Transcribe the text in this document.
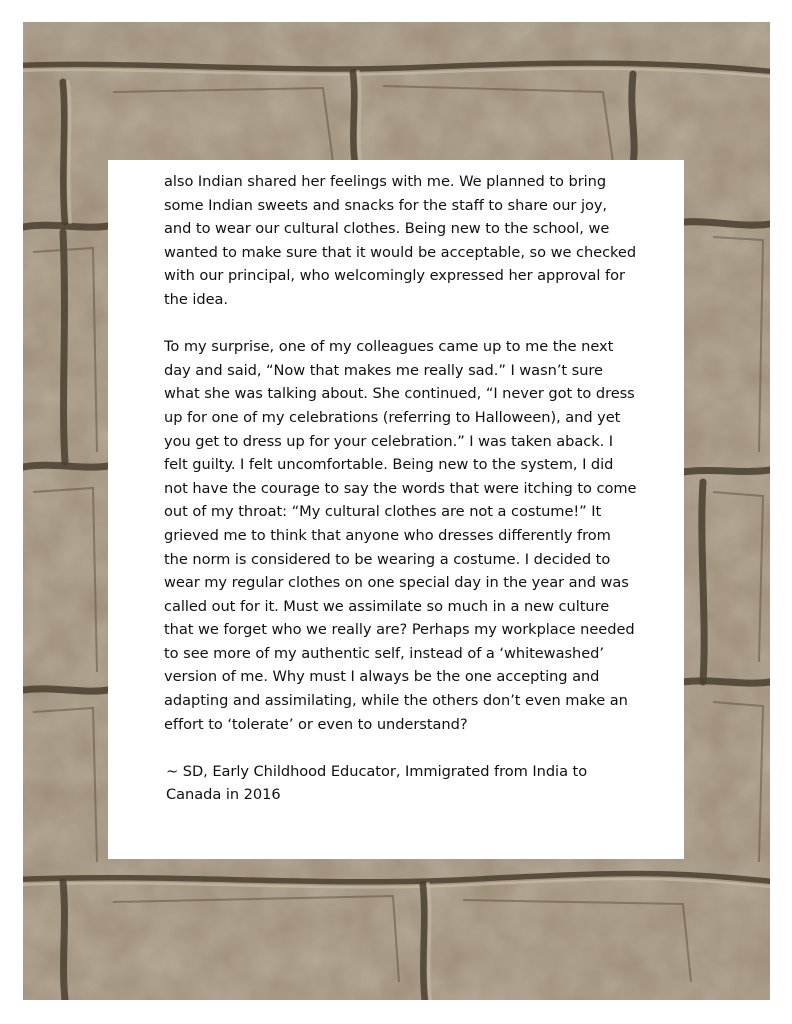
also Indian shared her feelings with me. We planned to bring some Indian sweets and snacks for the staff to share our joy, and to wear our cultural clothes. Being new to the school, we wanted to make sure that it would be acceptable, so we checked with our principal, who welcomingly expressed her approval for the idea.

To my surprise, one of my colleagues came up to me the next day and said, “Now that makes me really sad.” I wasn’t sure what she was talking about. She continued, “I never got to dress up for one of my celebrations (referring to Halloween), and yet you get to dress up for your celebration.” I was taken aback. I felt guilty. I felt uncomfortable. Being new to the system, I did not have the courage to say the words that were itching to come out of my throat: “My cultural clothes are not a costume!” It grieved me to think that anyone who dresses differently from the norm is considered to be wearing a costume. I decided to wear my regular clothes on one special day in the year and was called out for it. Must we assimilate so much in a new culture that we forget who we really are? Perhaps my workplace needed to see more of my authentic self, instead of a ‘whitewashed’ version of me. Why must I always be the one accepting and adapting and assimilating, while the others don’t even make an effort to ‘tolerate’ or even to understand?

~ SD, Early Childhood Educator, Immigrated from India to Canada in 2016
